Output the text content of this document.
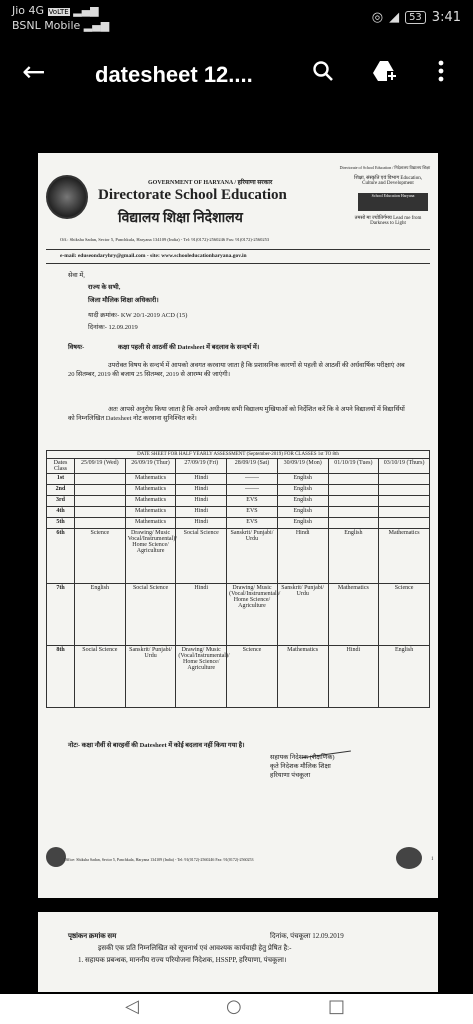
Jio 4G VoLTE ▂▄▆
BSNL Mobile ▂▄▆
◎ ◢	53 3:41
← datesheet 12....
Directorate of School Education / निदेशालय विद्यालय शिक्षा
GOVERNMENT OF HARYANA / हरियाणा सरकार
Directorate School Education
विद्यालय शिक्षा निदेशालय
शिक्षा, संस्कृति एवं विभाग Education, Culture and Development
School Education Haryana
तमसो मा ज्योतिर्गमय Lead me from Darkness to Light
Off.: Shiksha Sadan, Sector 5, Panchkula, Haryana 134109 (India) - Tel: 91(0172)-2560246 Fax: 91(0172)-2560253
e-mail: eduseondaryhry@gmail.com - site: www.schooleducationharyana.gov.in
सेवा में,
राज्य के सभी,
जिला मौलिक शिक्षा अधिकारी।
यादी क्रमांकः- KW 20/1-2019 ACD (15)
दिनांकः- 12.09.2019
विषयः-	कक्षा पहली से आठवीं की Datesheet में बदलाव के सन्दर्भ में।
उपरोक्त विषय के सन्दर्भ में आपको अवगत करवाया जाता है कि प्रशासनिक कारणों से पहली से आठवीं की अर्धवार्षिक परीक्षाएं अब 20 सितम्बर, 2019 की बजाय 25 सितम्बर, 2019 से आरम्भ की जाएंगी।
अतः आपसे अनुरोध किया जाता है कि अपने अधीनस्थ सभी विद्यालय मुखियाओं को निर्देशित करें कि वे अपने विद्यालयों में विद्यार्थियों को निम्नलिखित Datesheet नोट करवाना सुनिश्चित करें।
DATE SHEET FOR HALF YEARLY ASSESSMENT (September-2019) FOR CLASSES 1st TO 8th							
Dates
Class	25/09/19 (Wed)	26/09/19 (Thur)	27/09/19 (Fri)	28/09/19 (Sat)	30/09/19 (Mon)	01/10/19 (Tues)	03/10/19 (Thurs)
1st		Mathematics	Hindi	-------	English		
2nd		Mathematics	Hindi	-------	English		
3rd		Mathematics	Hindi	EVS	English		
4th		Mathematics	Hindi	EVS	English		
5th		Mathematics	Hindi	EVS	English		
6th	Science	Drawing/ Music Vocal/Instrumental)/ Home Science/ Agriculture	Social Science	Sanskrit/ Punjabi/ Urdu	Hindi	English	Mathematics
7th	English	Social Science	Hindi	Drawing/ Music (Vocal/Instrumental)/ Home Science/ Agriculture	Sanskrit/ Punjabi/ Urdu	Mathematics	Science
8th	Social Science	Sanskrit/ Punjabi/ Urdu	Drawing/ Music (Vocal/Instrumental)/ Home Science/ Agriculture	Science	Mathematics	Hindi	English
नोटः- कक्षा नौवीं से बारहवीं की Datesheet में कोई बदलाव नहीं किया गया है।
सहायक निदेशक (शैक्षणिक)
कृते निदेशक मौलिक शिक्षा
हरियाणा पंचकूला
Office: Shiksha Sadan, Sector 5, Panchkula, Haryana 134109 (India) - Tel: 91(0172)-2560246 Fax: 91(0172)-2560253	1
पृष्ठांकन क्रमांक सम	दिनांक, पंचकूला 12.09.2019
इसकी एक प्रति निम्नलिखित को सूचनार्थ एवं आवश्यक कार्यवाही हेतु प्रेषित है:-
1. सहायक प्रबन्धक, माननीय राज्य परियोजना निदेशक, HSSPP, हरियाणा, पंचकूला।
◁	○	□
